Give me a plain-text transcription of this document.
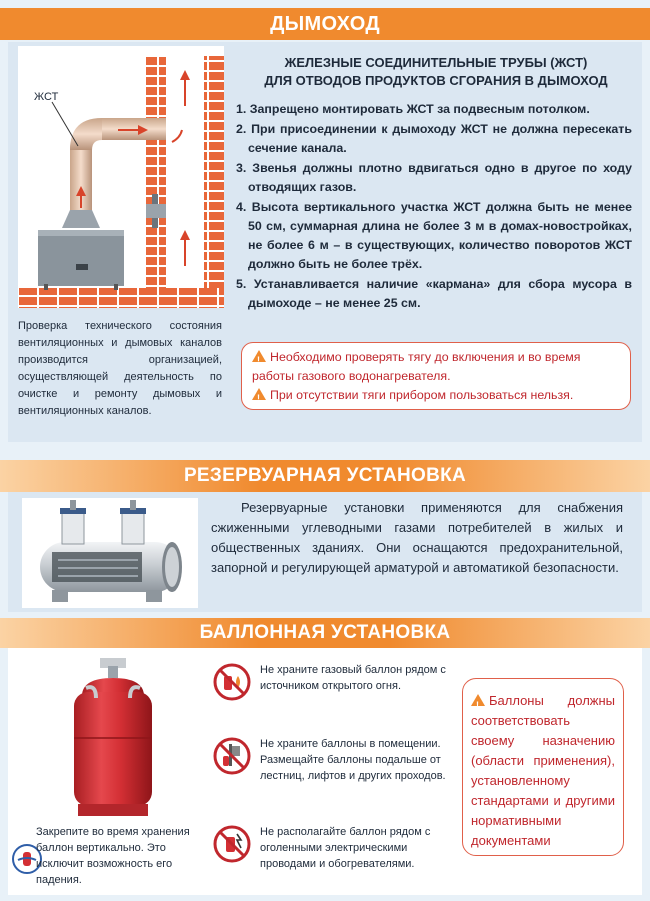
ДЫМОХОД
ЖСТ
ЖЕЛЕЗНЫЕ СОЕДИНИТЕЛЬНЫЕ ТРУБЫ (ЖСТ)
ДЛЯ ОТВОДОВ ПРОДУКТОВ СГОРАНИЯ В ДЫМОХОД
1. Запрещено монтировать ЖСТ за подвесным потолком.
2. При присоединении к дымоходу ЖСТ не должна пересекать сечение канала.
3. Звенья должны плотно вдвигаться одно в другое по ходу отводящих газов.
4. Высота вертикального участка ЖСТ должна быть не менее 50 см, суммарная длина не более 3 м в домах-новостройках, не более 6 м – в существующих, количество поворотов ЖСТ должно быть не более трёх.
5. Устанавливается наличие «кармана» для сбора мусора в дымоходе – не менее 25 см.
Проверка технического состояния вентиляционных и дымовых каналов производится организацией, осуществляющей деятельность по очистке и ремонту дымовых и вентиляционных каналов.

!Необходимо проверять тягу до включения и во время работы газового водонагревателя.

!При отсутствии тяги прибором пользоваться нельзя.

РЕЗЕРВУАРНАЯ УСТАНОВКА
Резервуарные установки применяются для снабжения сжиженными углеводными газами потребителей в жилых и общественных зданиях. Они оснащаются предохранительной, запорной и регулирующей арматурой и автоматикой безопасности.
БАЛЛОННАЯ УСТАНОВКА
Закрепите во время хранения баллон вертикально. Это исключит возможность его падения.
Не храните газовый баллон рядом с источником открытого огня.
Не храните баллоны в помещении. Размещайте баллоны подальше от лестниц, лифтов и других проходов.
Не располагайте баллон рядом с оголенными электрическими проводами и обогревателями.

!Баллоны должны соответствовать своему назначению (области применения), установленному стандартами и другими нормативными документами
